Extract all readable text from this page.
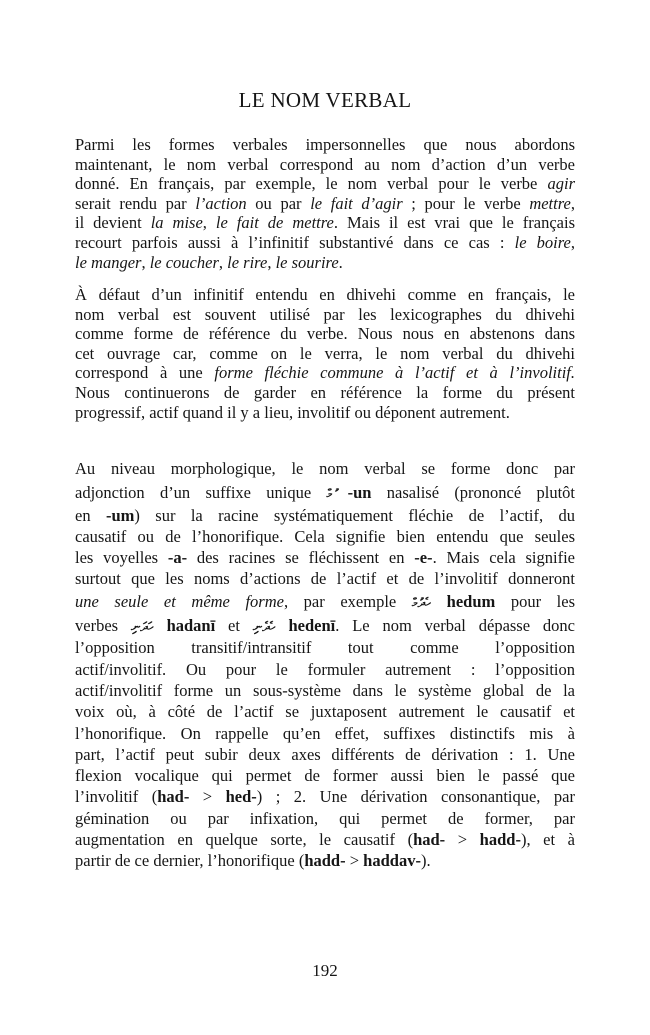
LE NOM VERBAL
Parmi les formes verbales impersonnelles que nous abordons
maintenant, le nom verbal correspond au nom d’action d’un verbe
donné. En français, par exemple, le nom verbal pour le verbe agir
serait rendu par l’action ou par le fait d’agir ; pour le verbe mettre,
il devient la mise, le fait de mettre. Mais il est vrai que le français
recourt parfois aussi à l’infinitif substantivé dans ce cas : le boire,
le manger, le coucher, le rire, le sourire.
À défaut d’un infinitif entendu en dhivehi comme en français, le
nom verbal est souvent utilisé par les lexicographes du dhivehi
comme forme de référence du verbe. Nous nous en abstenons dans
cet ouvrage car, comme on le verra, le nom verbal du dhivehi
correspond à une forme fléchie commune à l’actif et à l’involitif.
Nous continuerons de garder en référence la forme du présent
progressif, actif quand il y a lieu, involitif ou déponent autrement.
Au niveau morphologique, le nom verbal se forme donc par
adjonction d’un suffixe unique ުމް -un nasalisé (prononcé plutôt
en -um) sur la racine systématiquement fléchie de l’actif, du
causatif ou de l’honorifique. Cela signifie bien entendu que seules
les voyelles -a- des racines se fléchissent en -e-. Mais cela signifie
surtout que les noms d’actions de l’actif et de l’involitif donneront
une seule et même forme, par exemple ހެދުމް hedum pour les
verbes ހަދަނި hadanī et ހެދެނި hedenī. Le nom verbal dépasse donc
l’opposition transitif/intransitif tout comme l’opposition
actif/involitif. Ou pour le formuler autrement : l’opposition
actif/involitif forme un sous-système dans le système global de la
voix où, à côté de l’actif se juxtaposent autrement le causatif et
l’honorifique. On rappelle qu’en effet, suffixes distinctifs mis à
part, l’actif peut subir deux axes différents de dérivation : 1. Une
flexion vocalique qui permet de former aussi bien le passé que
l’involitif (had- > hed-) ; 2. Une dérivation consonantique, par
gémination ou par infixation, qui permet de former, par
augmentation en quelque sorte, le causatif (had- > hadd-), et à
partir de ce dernier, l’honorifique (hadd- > haddav-).
192
